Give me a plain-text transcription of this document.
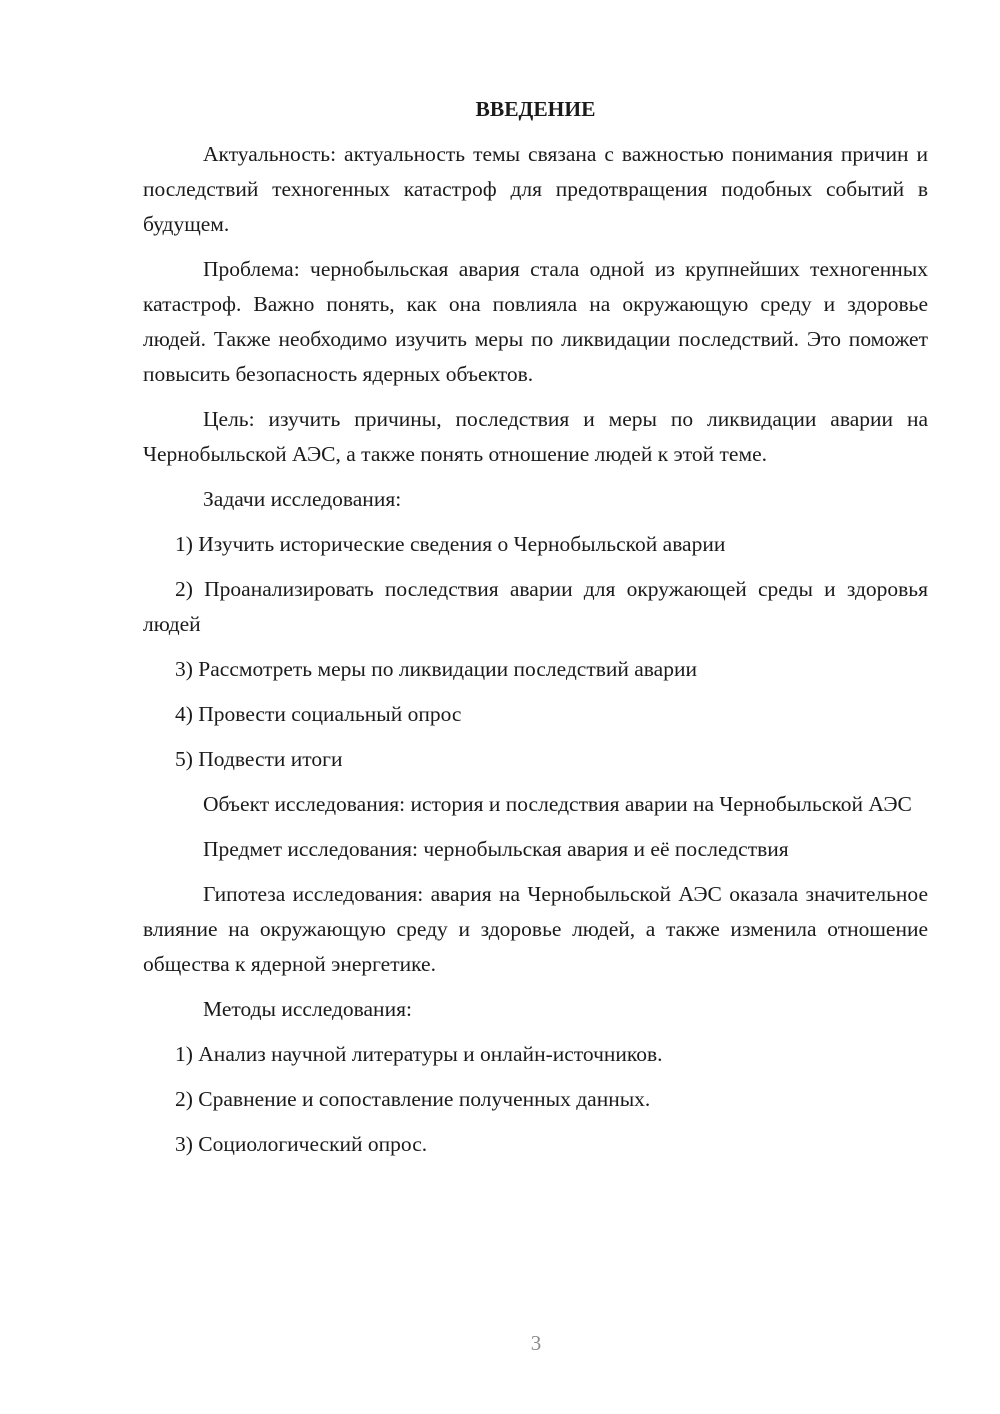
ВВЕДЕНИЕ

Актуальность: актуальность темы связана с важностью понимания причин и последствий техногенных катастроф для предотвращения подобных событий в будущем.

Проблема: чернобыльская авария стала одной из крупнейших техногенных катастроф. Важно понять, как она повлияла на окружающую среду и здоровье людей. Также необходимо изучить меры по ликвидации последствий. Это поможет повысить безопасность ядерных объектов.

Цель: изучить причины, последствия и меры по ликвидации аварии на Чернобыльской АЭС, а также понять отношение людей к этой теме.

Задачи исследования:

1) Изучить исторические сведения о Чернобыльской аварии

2) Проанализировать последствия аварии для окружающей среды и здоровья людей

3) Рассмотреть меры по ликвидации последствий аварии

4) Провести социальный опрос

5) Подвести итоги

Объект исследования: история и последствия аварии на Чернобыльской АЭС

Предмет исследования: чернобыльская авария и её последствия

Гипотеза исследования: авария на Чернобыльской АЭС оказала значительное влияние на окружающую среду и здоровье людей, а также изменила отношение общества к ядерной энергетике.

Методы исследования:

1) Анализ научной литературы и онлайн-источников.

2) Сравнение и сопоставление полученных данных.

3) Социологический опрос.

3
